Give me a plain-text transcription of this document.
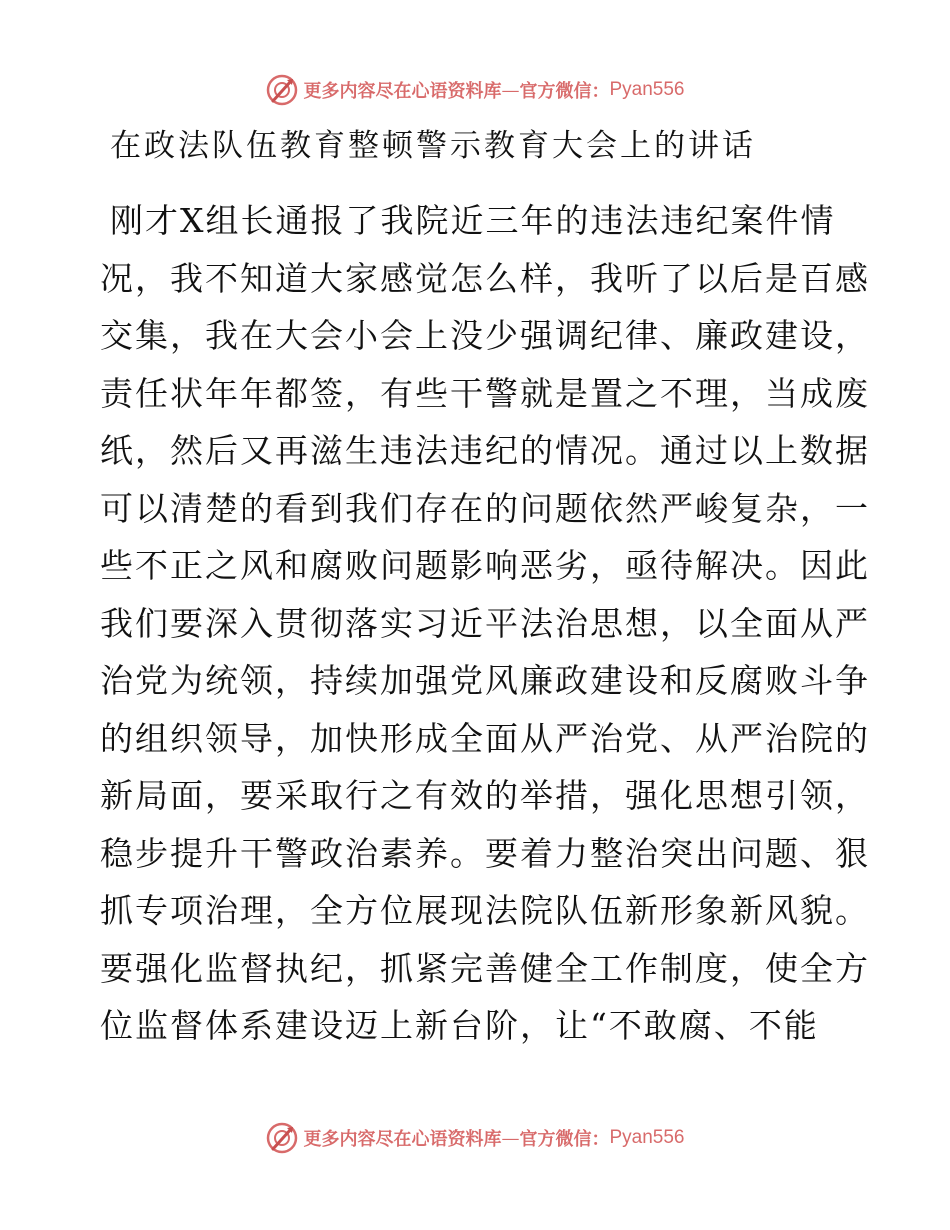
更多内容尽在心语资料库 — 官方微信： Pyan556
在政法队伍教育整顿警示教育大会上的讲话
刚才X组长通报了我院近三年的违法违纪案件情
况，我不知道大家感觉怎么样，我听了以后是百感
交集，我在大会小会上没少强调纪律、廉政建设，
责任状年年都签，有些干警就是置之不理，当成废
纸，然后又再滋生违法违纪的情况。通过以上数据
可以清楚的看到我们存在的问题依然严峻复杂，一
些不正之风和腐败问题影响恶劣，亟待解决。因此
我们要深入贯彻落实习近平法治思想，以全面从严
治党为统领，持续加强党风廉政建设和反腐败斗争
的组织领导，加快形成全面从严治党、从严治院的
新局面，要采取行之有效的举措，强化思想引领，
稳步提升干警政治素养。要着力整治突出问题、狠
抓专项治理，全方位展现法院队伍新形象新风貌。
要强化监督执纪，抓紧完善健全工作制度，使全方
位监督体系建设迈上新台阶，让“不敢腐、不能
更多内容尽在心语资料库 — 官方微信： Pyan556
